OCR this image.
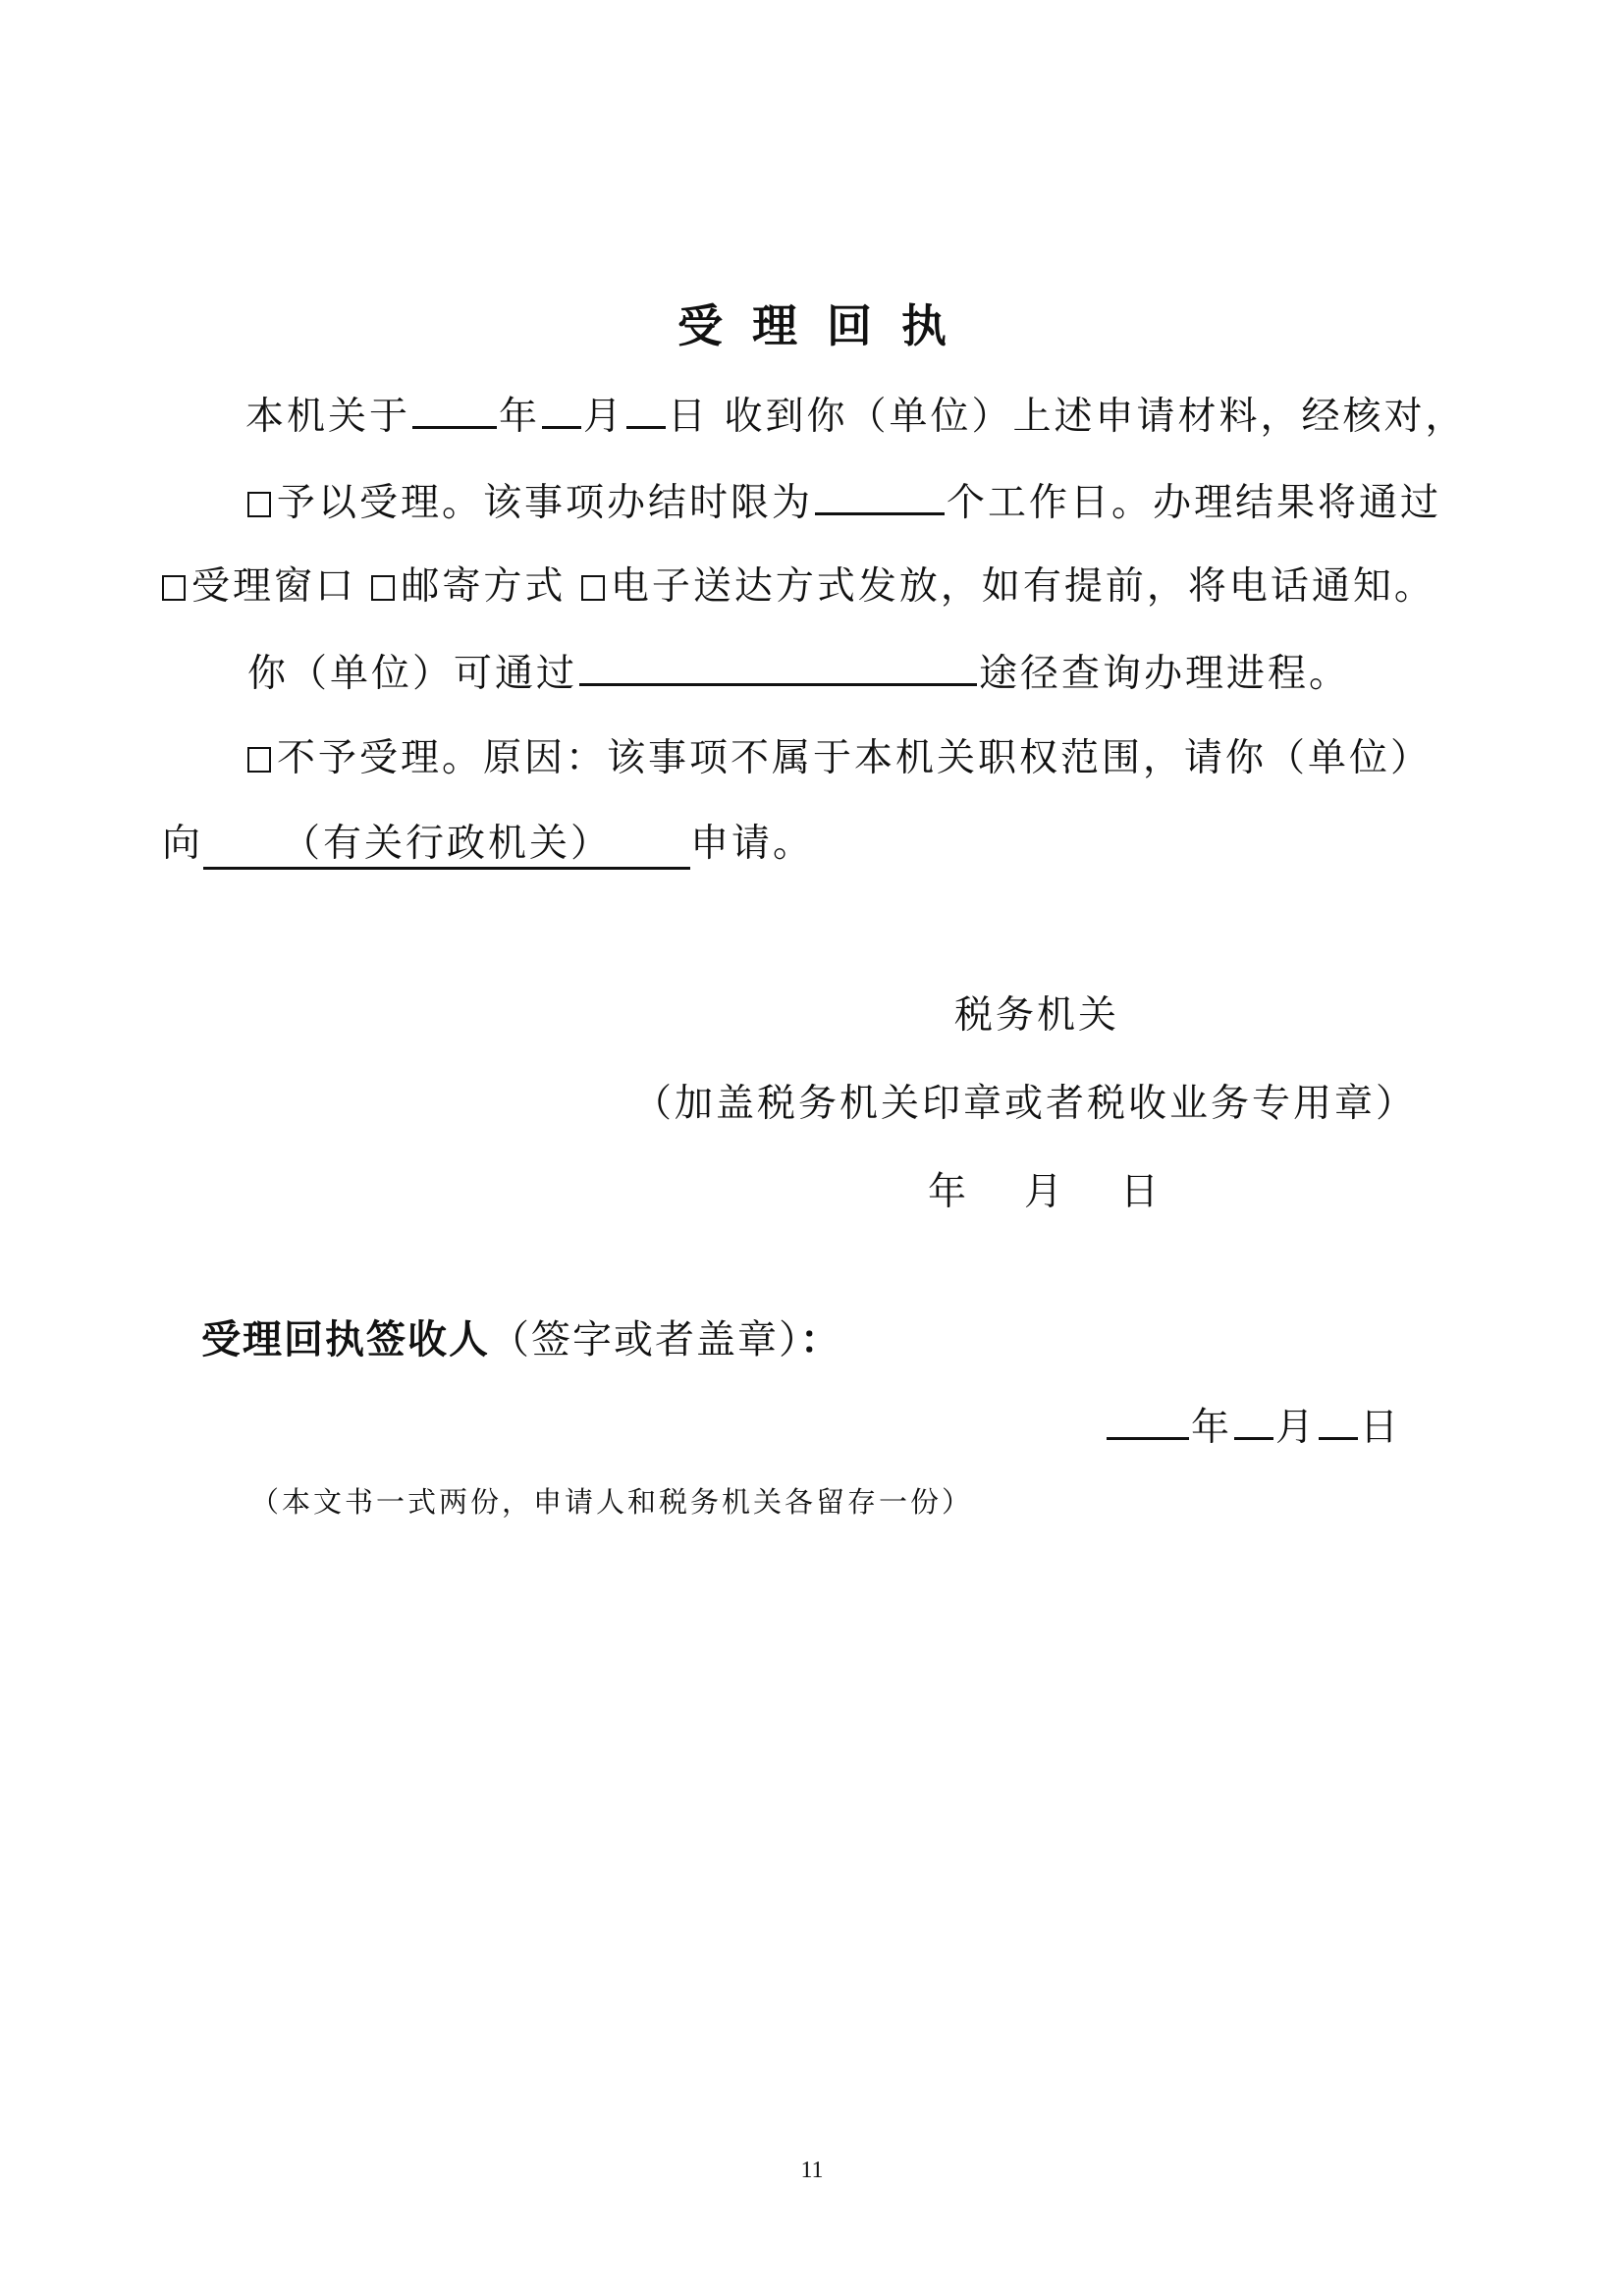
受理回执
本机关于 年 月 日 收到你（单位）上述申请材料，经核对，
予以受理。该事项办结时限为	个工作日。办理结果将通过
受理窗口 邮寄方式 电子送达方式发放，如有提前，将电话通知。
你（单位）可通过	途径查询办理进程。
不予受理。原因：该事项不属于本机关职权范围，请你（单位）
向 （有关行政机关） 申请。
税务机关
（加盖税务机关印章或者税收业务专用章）
年　月　日
受理回执签收人（签字或者盖章）：
年 月 日
（本文书一式两份，申请人和税务机关各留存一份）
11
